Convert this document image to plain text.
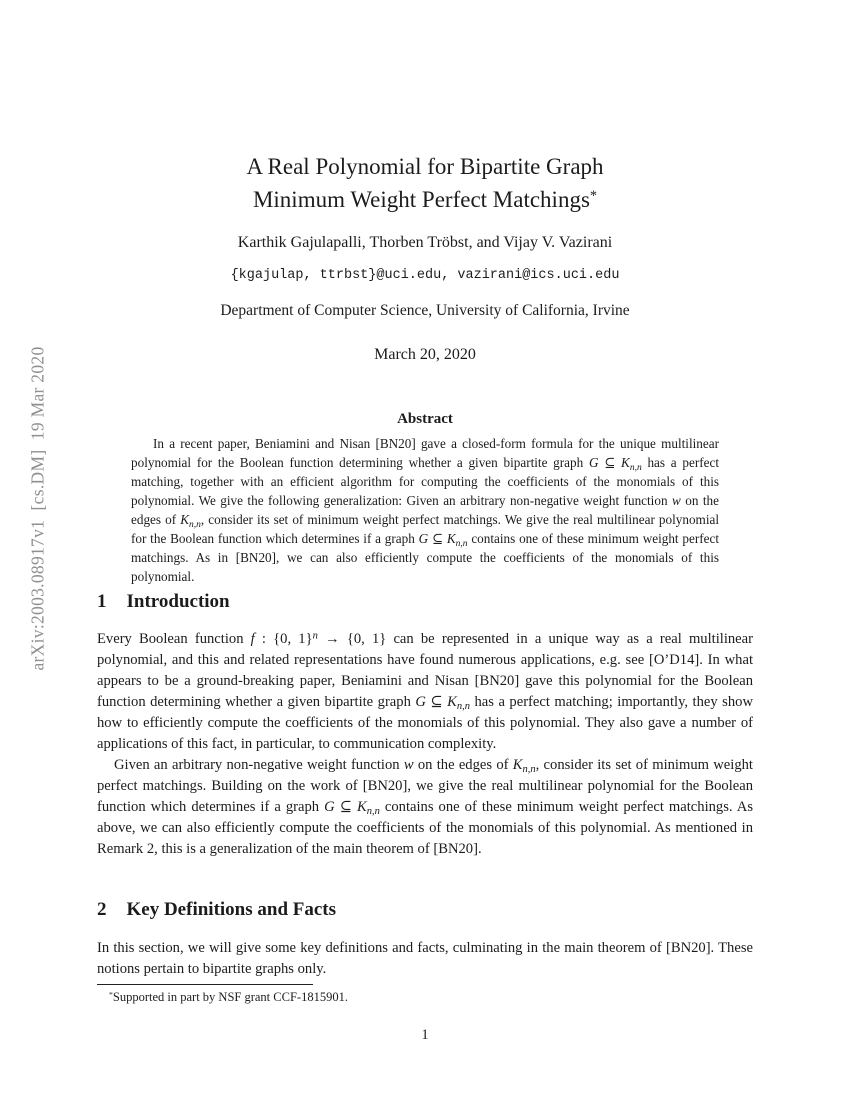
arXiv:2003.08917v1  [cs.DM]  19 Mar 2020
A Real Polynomial for Bipartite Graph
Minimum Weight Perfect Matchings*
Karthik Gajulapalli, Thorben Tröbst, and Vijay V. Vazirani
{kgajulap, ttrbst}@uci.edu, vazirani@ics.uci.edu
Department of Computer Science, University of California, Irvine
March 20, 2020
Abstract

In a recent paper, Beniamini and Nisan [BN20] gave a closed-form formula for the unique multilinear polynomial for the Boolean function determining whether a given bipartite graph G ⊆ $K_{n,n}$ has a perfect matching, together with an efficient algorithm for computing the coefficients of the monomials of this polynomial. We give the following generalization: Given an arbitrary non-negative weight function w on the edges of $K_{n,n}$, consider its set of minimum weight perfect matchings. We give the real multilinear polynomial for the Boolean function which determines if a graph G ⊆ $K_{n,n}$ contains one of these minimum weight perfect matchings. As in [BN20], we can also efficiently compute the coefficients of the monomials of this polynomial.

1 Introduction

Every Boolean function f : {0, 1}$^n$ → {0, 1} can be represented in a unique way as a real multilinear polynomial, and this and related representations have found numerous applications, e.g. see [O’D14]. In what appears to be a ground-breaking paper, Beniamini and Nisan [BN20] gave this polynomial for the Boolean function determining whether a given bipartite graph G ⊆ $K_{n,n}$ has a perfect matching; importantly, they show how to efficiently compute the coefficients of the monomials of this polynomial. They also gave a number of applications of this fact, in particular, to communication complexity.

Given an arbitrary non-negative weight function w on the edges of $K_{n,n}$, consider its set of minimum weight perfect matchings. Building on the work of [BN20], we give the real multilinear polynomial for the Boolean function which determines if a graph G ⊆ $K_{n,n}$ contains one of these minimum weight perfect matchings. As above, we can also efficiently compute the coefficients of the monomials of this polynomial. As mentioned in Remark 2, this is a generalization of the main theorem of [BN20].

2 Key Definitions and Facts

In this section, we will give some key definitions and facts, culminating in the main theorem of [BN20]. These notions pertain to bipartite graphs only.

*Supported in part by NSF grant CCF-1815901.
1
